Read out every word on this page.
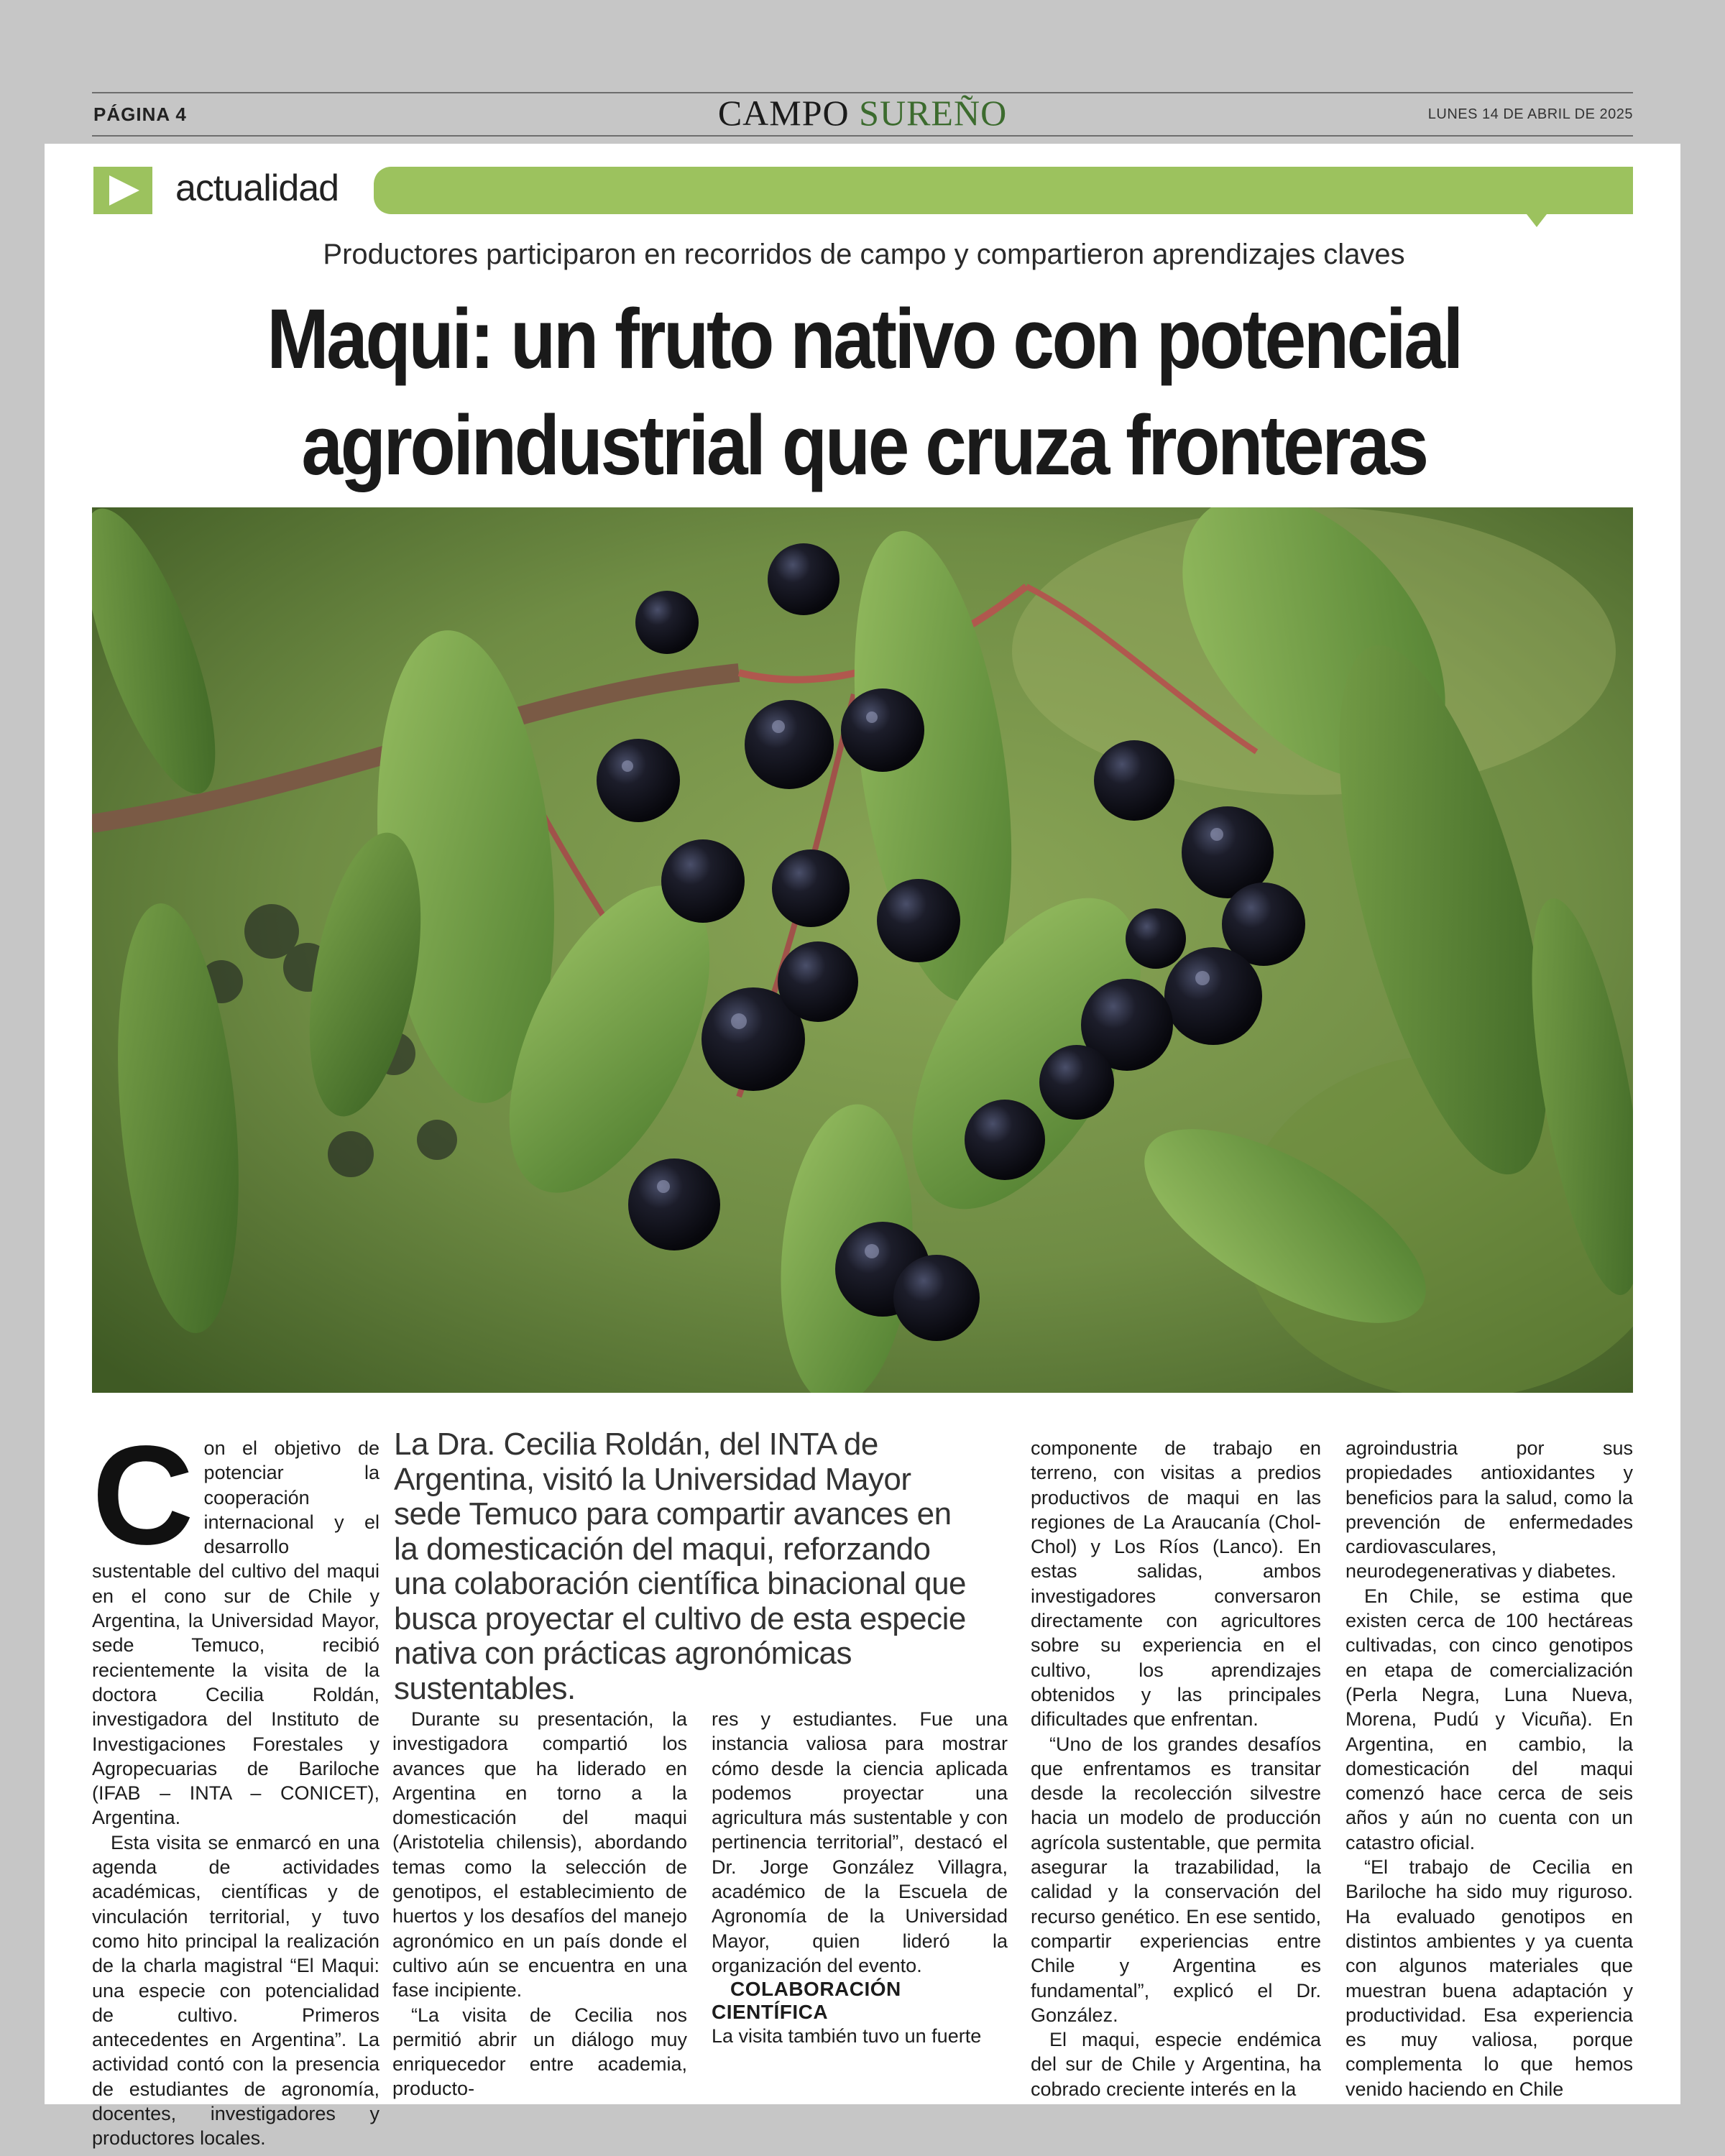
PÁGINA 4	CAMPO SUREÑO	LUNES 14 DE ABRIL DE 2025
actualidad
Productores participaron en recorridos de campo y compartieron aprendizajes claves
Maqui: un fruto nativo con potencial
agroindustrial que cruza fronteras
La Dra. Cecilia Roldán, del INTA de Argentina, visitó la Universidad Mayor sede Temuco para compartir avances en la domesticación del maqui, reforzando una colaboración científica binacional que busca proyectar el cultivo de esta especie nativa con prácticas agronómicas sustentables.

Con el objetivo de potenciar la cooperación internacional y el desarrollo sustentable del cultivo del maqui en el cono sur de Chile y Argentina, la Universidad Mayor, sede Temuco, recibió recientemente la visita de la doctora Cecilia Roldán, investigadora del Instituto de Investigaciones Forestales y Agropecuarias de Bariloche (IFAB – INTA – CONICET), Argentina.

Esta visita se enmarcó en una agenda de actividades académicas, científicas y de vinculación territorial, y tuvo como hito principal la realización de la charla magistral “El Maqui: una especie con potencialidad de cultivo. Primeros antecedentes en Argentina”. La actividad contó con la presencia de estudiantes de agronomía, docentes, investigadores y productores locales.

Durante su presentación, la investigadora compartió los avances que ha liderado en Argentina en torno a la domesticación del maqui (Aristotelia chilensis), abordando temas como la selección de genotipos, el establecimiento de huertos y los desafíos del manejo agronómico en un país donde el cultivo aún se encuentra en una fase incipiente.

“La visita de Cecilia nos permitió abrir un diálogo muy enriquecedor entre academia, producto-

res y estudiantes. Fue una instancia valiosa para mostrar cómo desde la ciencia aplicada podemos proyectar una agricultura más sustentable y con pertinencia territorial”, destacó el Dr. Jorge González Villagra, académico de la Escuela de Agronomía de la Universidad Mayor, quien lideró la organización del evento.

COLABORACIÓN CIENTÍFICA

La visita también tuvo un fuerte

componente de trabajo en terreno, con visitas a predios productivos de maqui en las regiones de La Araucanía (Chol-Chol) y Los Ríos (Lanco). En estas salidas, ambos investigadores conversaron directamente con agricultores sobre su experiencia en el cultivo, los aprendizajes obtenidos y las principales dificultades que enfrentan.

“Uno de los grandes desafíos que enfrentamos es transitar desde la recolección silvestre hacia un modelo de producción agrícola sustentable, que permita asegurar la trazabilidad, la calidad y la conservación del recurso genético. En ese sentido, compartir experiencias entre Chile y Argentina es fundamental”, explicó el Dr. González.

El maqui, especie endémica del sur de Chile y Argentina, ha cobrado creciente interés en la

agroindustria por sus propiedades antioxidantes y beneficios para la salud, como la prevención de enfermedades cardiovasculares, neurodegenerativas y diabetes.

En Chile, se estima que existen cerca de 100 hectáreas cultivadas, con cinco genotipos en etapa de comercialización (Perla Negra, Luna Nueva, Morena, Pudú y Vicuña). En Argentina, en cambio, la domesticación del maqui comenzó hace cerca de seis años y aún no cuenta con un catastro oficial.

“El trabajo de Cecilia en Bariloche ha sido muy riguroso. Ha evaluado genotipos en distintos ambientes y ya cuenta con algunos materiales que muestran buena adaptación y productividad. Esa experiencia es muy valiosa, porque complementa lo que hemos venido haciendo en Chile
